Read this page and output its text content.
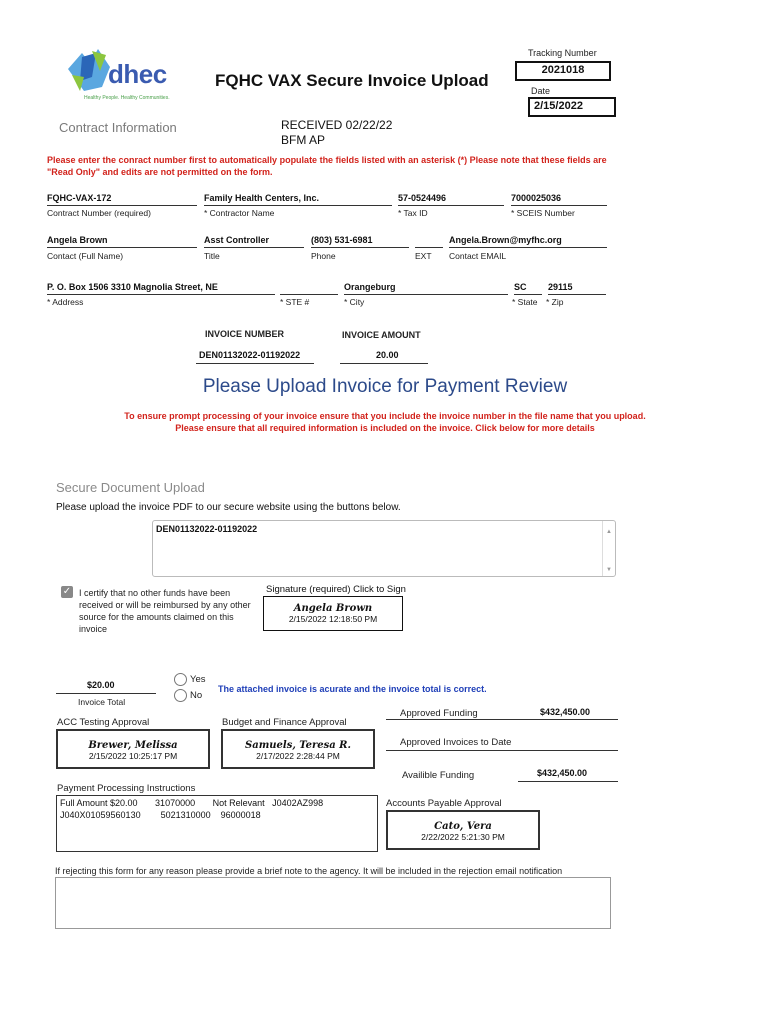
dhec
Healthy People. Healthy Communities.
FQHC VAX Secure Invoice Upload
Tracking Number
2021018
Date
2/15/2022
Contract Information	RECEIVED 02/22/22
BFM AP
Please enter the conract number first to automatically populate the fields listed with an asterisk (*) Please note that these fields are "Read Only" and edits are not permitted on the form.
FQHC-VAX-172
Contract Number (required)
Family Health Centers, Inc.
* Contractor Name
57-0524496
* Tax ID
7000025036
* SCEIS Number
Angela Brown
Contact (Full Name)
Asst Controller
Title
(803) 531-6981
Phone	EXT
Angela.Brown@myfhc.org
Contact EMAIL
P. O. Box 1506 3310 Magnolia Street, NE
* Address	* STE #
Orangeburg
* City
SC
* State
29115
* Zip
INVOICE NUMBER	INVOICE AMOUNT
DEN01132022-01192022	20.00
Please Upload Invoice for Payment Review
To ensure prompt processing of your invoice ensure that you include the invoice number in the file name that you upload.
Please ensure that all required information is included on the invoice. Click below for more details
Secure Document Upload
Please upload the invoice PDF to our secure website using the buttons below.
DEN01132022-01192022	▲
▼
✓ I certify that no other funds have been received or will be reimbursed by any other source for the amounts claimed on this invoice
Signature (required) Click to Sign
Angela Brown
2/15/2022 12:18:50 PM
$20.00
Invoice Total
Yes
No
The attached invoice is acurate and the invoice total is correct.
ACC Testing Approval
Brewer, Melissa
2/15/2022 10:25:17 PM
Budget and Finance Approval
Samuels, Teresa R.
2/17/2022 2:28:44 PM
Approved Funding	$432,450.00
Approved Invoices to Date
Availible Funding	$432,450.00
Payment Processing Instructions
Full Amount $20.00       31070000       Not Relevant   J0402AZ998
J040X01059560130        5021310000    96000018
Accounts Payable Approval
Cato, Vera
2/22/2022 5:21:30 PM
If rejecting this form for any reason please provide a brief note to the agency. It will be included in the rejection email notification
